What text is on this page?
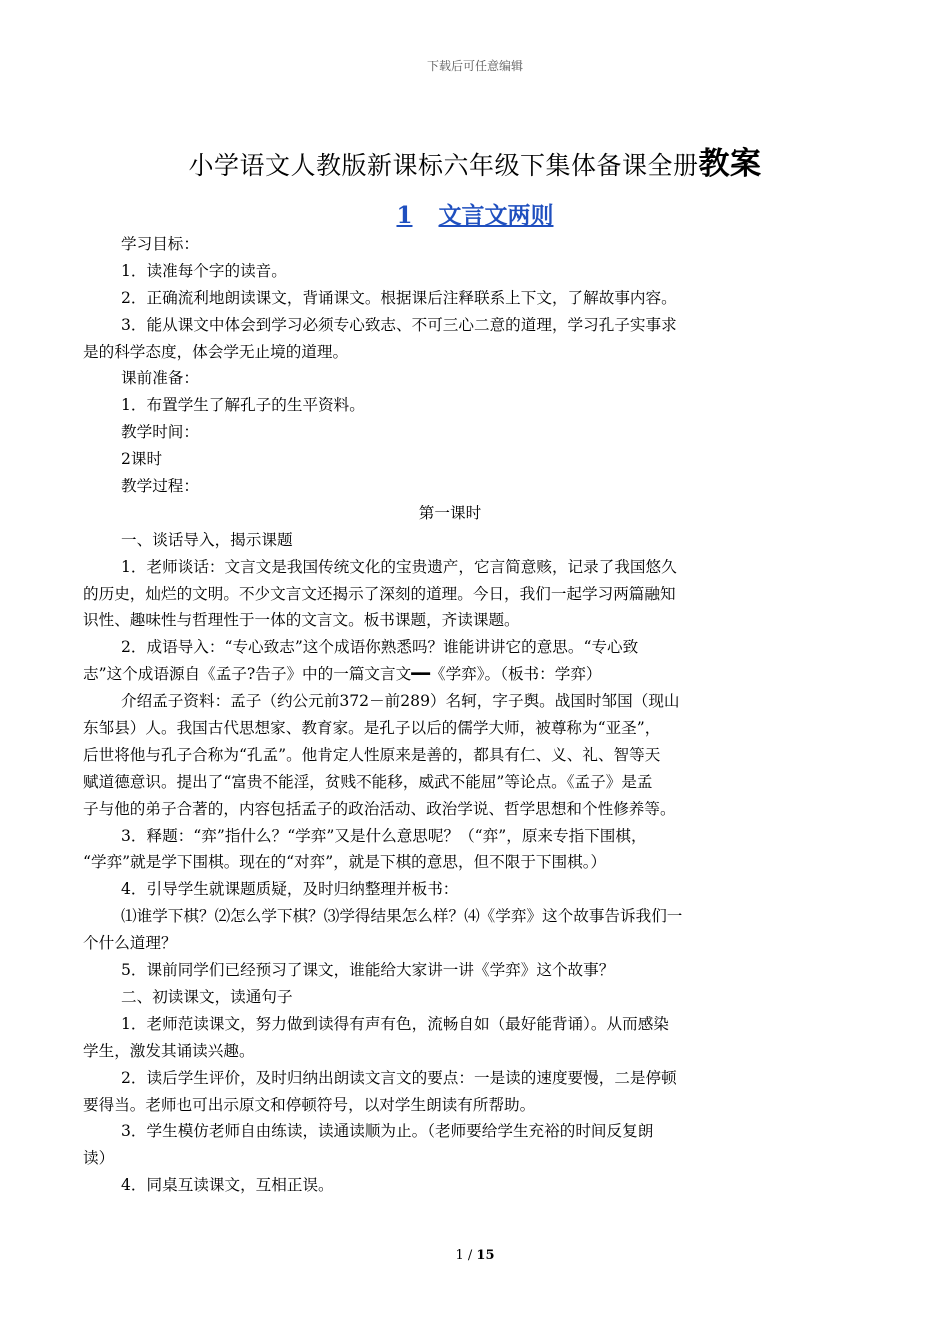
下载后可任意编辑
小学语文人教版新课标六年级下集体备课全册教案
1 文言文两则
学习目标：
1．读准每个字的读音。
2．正确流利地朗读课文，背诵课文。根据课后注释联系上下文，了解故事内容。
3．能从课文中体会到学习必须专心致志、不可三心二意的道理，学习孔子实事求
是的科学态度，体会学无止境的道理。
课前准备：
1．布置学生了解孔子的生平资料。
教学时间：
2课时
教学过程：
第一课时
一、谈话导入，揭示课题
1．老师谈话：文言文是我国传统文化的宝贵遗产，它言简意赅，记录了我国悠久
的历史，灿烂的文明。不少文言文还揭示了深刻的道理。今日，我们一起学习两篇融知
识性、趣味性与哲理性于一体的文言文。板书课题，齐读课题。
2．成语导入：“专心致志”这个成语你熟悉吗？谁能讲讲它的意思。“专心致
志”这个成语源自《孟子?告子》中的一篇文言文━━《学弈》。（板书：学弈）
介绍孟子资料：孟子（约公元前372－前289）名轲，字子舆。战国时邹国（现山
东邹县）人。我国古代思想家、教育家。是孔子以后的儒学大师，被尊称为“亚圣”，
后世将他与孔子合称为“孔孟”。他肯定人性原来是善的，都具有仁、义、礼、智等天
赋道德意识。提出了“富贵不能淫，贫贱不能移，威武不能屈”等论点。《孟子》是孟
子与他的弟子合著的，内容包括孟子的政治活动、政治学说、哲学思想和个性修养等。
3．释题：“弈”指什么？“学弈”又是什么意思呢？（“弈”，原来专指下围棋，
“学弈”就是学下围棋。现在的“对弈”，就是下棋的意思，但不限于下围棋。）
4．引导学生就课题质疑，及时归纳整理并板书：
⑴谁学下棋？⑵怎么学下棋？⑶学得结果怎么样？⑷《学弈》这个故事告诉我们一
个什么道理？
5．课前同学们已经预习了课文，谁能给大家讲一讲《学弈》这个故事？
二、初读课文，读通句子
1．老师范读课文，努力做到读得有声有色，流畅自如（最好能背诵）。从而感染
学生，激发其诵读兴趣。
2．读后学生评价，及时归纳出朗读文言文的要点：一是读的速度要慢，二是停顿
要得当。老师也可出示原文和停顿符号，以对学生朗读有所帮助。
3．学生模仿老师自由练读，读通读顺为止。（老师要给学生充裕的时间反复朗
读）
4．同桌互读课文，互相正误。
1 / 15
